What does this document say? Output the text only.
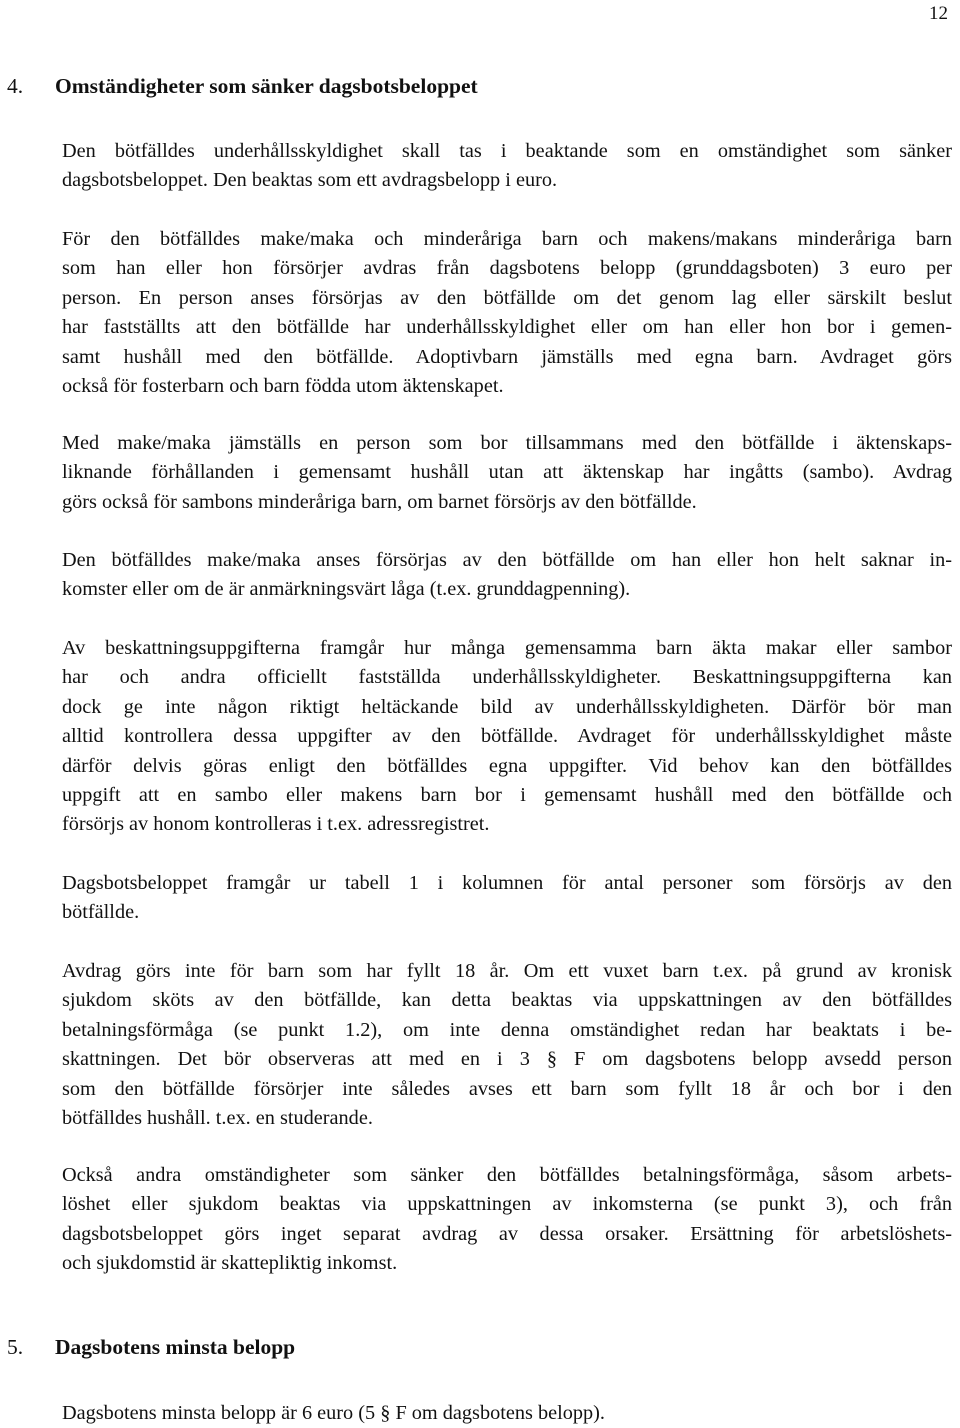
12
4. Omständigheter som sänker dagsbotsbeloppet
Den bötfälldes underhållsskyldighet skall tas i beaktande som en omständighet som sänker
dagsbotsbeloppet. Den beaktas som ett avdragsbelopp i euro.
För den bötfälldes make/maka och minderåriga barn och makens/makans minderåriga barn
som han eller hon försörjer avdras från dagsbotens belopp (grunddagsboten) 3 euro per
person. En person anses försörjas av den bötfällde om det genom lag eller särskilt beslut
har fastställts att den bötfällde har underhållsskyldighet eller om han eller hon bor i gemen-
samt hushåll med den bötfällde. Adoptivbarn jämställs med egna barn. Avdraget görs
också för fosterbarn och barn födda utom äktenskapet.
Med make/maka jämställs en person som bor tillsammans med den bötfällde i äktenskaps-
liknande förhållanden i gemensamt hushåll utan att äktenskap har ingåtts (sambo). Avdrag
görs också för sambons minderåriga barn, om barnet försörjs av den bötfällde.
Den bötfälldes make/maka anses försörjas av den bötfällde om han eller hon helt saknar in-
komster eller om de är anmärkningsvärt låga (t.ex. grunddagpenning).
Av beskattningsuppgifterna framgår hur många gemensamma barn äkta makar eller sambor
har och andra officiellt fastställda underhållsskyldigheter. Beskattningsuppgifterna kan
dock ge inte någon riktigt heltäckande bild av underhållsskyldigheten. Därför bör man
alltid kontrollera dessa uppgifter av den bötfällde. Avdraget för underhållsskyldighet måste
därför delvis göras enligt den bötfälldes egna uppgifter. Vid behov kan den bötfälldes
uppgift att en sambo eller makens barn bor i gemensamt hushåll med den bötfällde och
försörjs av honom kontrolleras i t.ex. adressregistret.
Dagsbotsbeloppet framgår ur tabell 1 i kolumnen för antal personer som försörjs av den
bötfällde.
Avdrag görs inte för barn som har fyllt 18 år. Om ett vuxet barn t.ex. på grund av kronisk
sjukdom sköts av den bötfällde, kan detta beaktas via uppskattningen av den bötfälldes
betalningsförmåga (se punkt 1.2), om inte denna omständighet redan har beaktats i be-
skattningen. Det bör observeras att med en i 3 § F om dagsbotens belopp avsedd person
som den bötfällde försörjer inte således avses ett barn som fyllt 18 år och bor i den
bötfälldes hushåll. t.ex. en studerande.
Också andra omständigheter som sänker den bötfälldes betalningsförmåga, såsom arbets-
löshet eller sjukdom beaktas via uppskattningen av inkomsterna (se punkt 3), och från
dagsbotsbeloppet görs inget separat avdrag av dessa orsaker. Ersättning för arbetslöshets-
och sjukdomstid är skattepliktig inkomst.
5. Dagsbotens minsta belopp
Dagsbotens minsta belopp är 6 euro (5 § F om dagsbotens belopp).
